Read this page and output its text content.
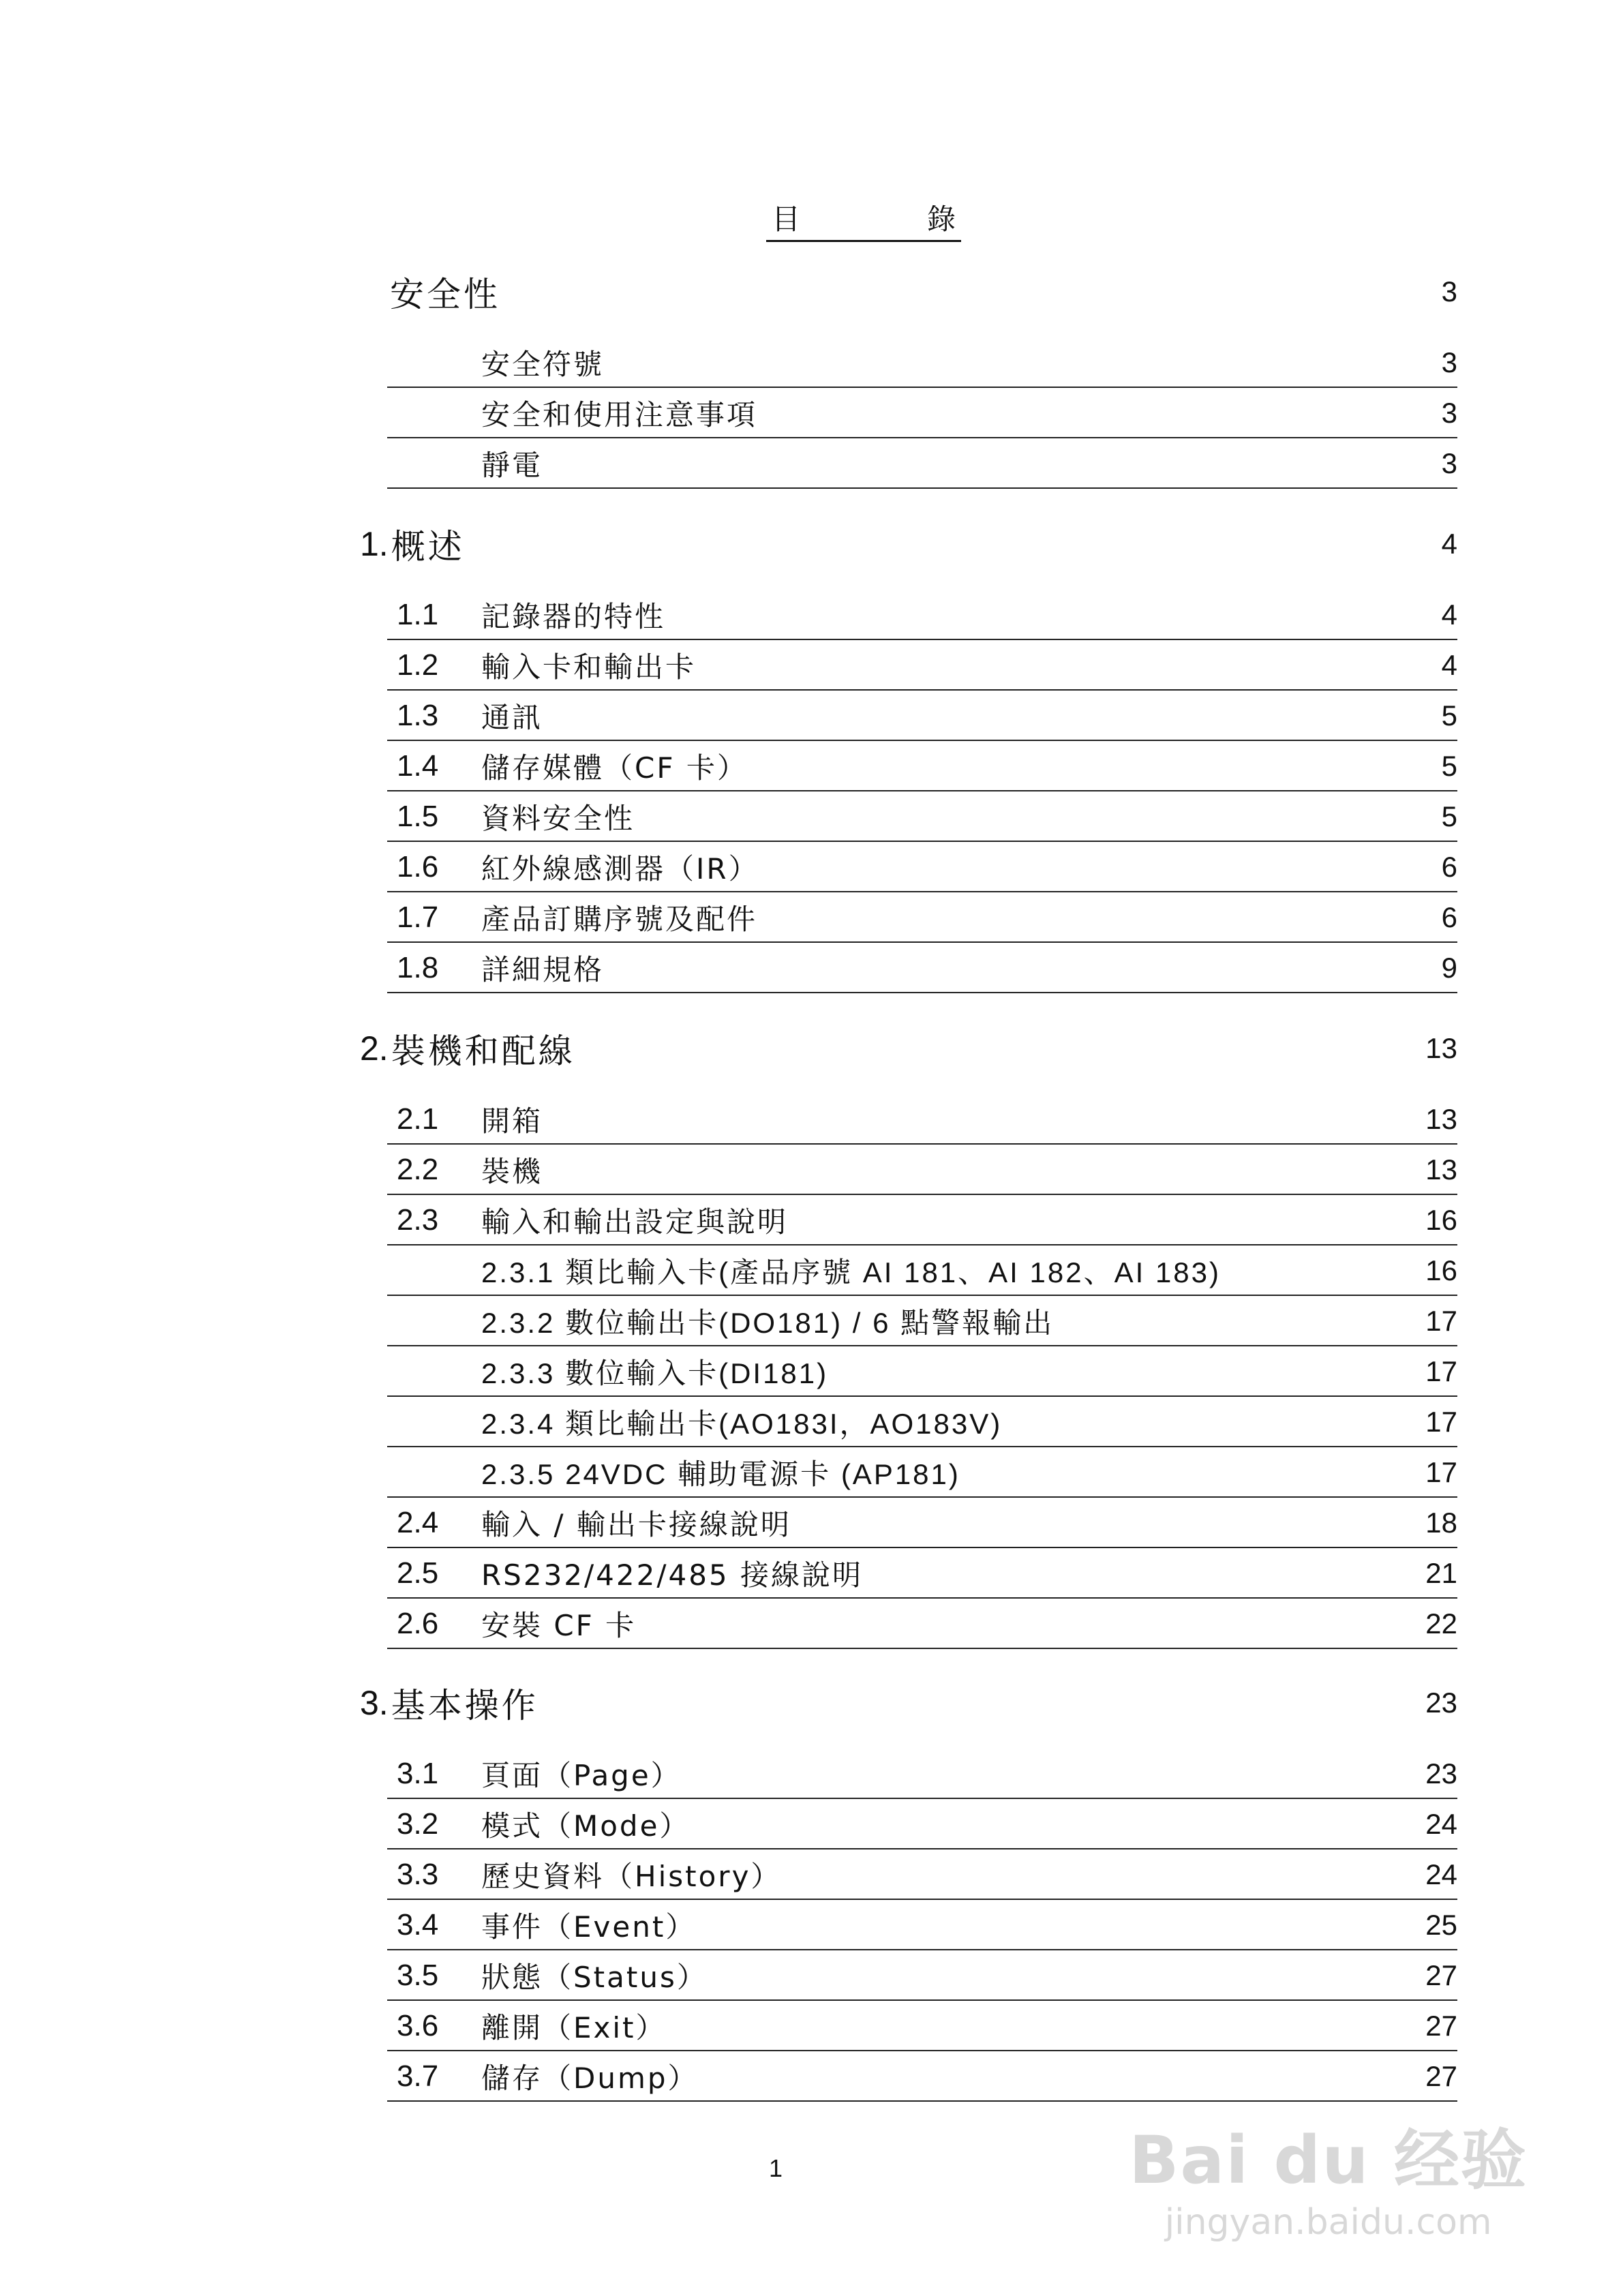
目	錄
安全性	3
安全符號	3
安全和使用注意事項	3
靜電	3
1. 概述	4
1.1	記錄器的特性	4
1.2	輸入卡和輸出卡	4
1.3	通訊	5
1.4	儲存媒體（CF 卡）	5
1.5	資料安全性	5
1.6	紅外線感測器（IR）	6
1.7	產品訂購序號及配件	6
1.8	詳細規格	9
2. 裝機和配線	13
2.1	開箱	13
2.2	裝機	13
2.3	輸入和輸出設定與說明	16
2.3.1 類比輸入卡(產品序號 AI 181、AI 182、AI 183)	16
2.3.2 數位輸出卡(DO181) / 6 點警報輸出	17
2.3.3 數位輸入卡(DI181)	17
2.3.4 類比輸出卡(AO183I，AO183V)	17
2.3.5 24VDC 輔助電源卡 (AP181)	17
2.4	輸入 / 輸出卡接線說明	18
2.5	RS232/422/485 接線說明	21
2.6	安裝 CF 卡	22
3. 基本操作	23
3.1	頁面（Page）	23
3.2	模式（Mode）	24
3.3	歷史資料（History）	24
3.4	事件（Event）	25
3.5	狀態（Status）	27
3.6	離開（Exit）	27
3.7	儲存（Dump）	27
1	Bai du 经验
jingyan.baidu.com
